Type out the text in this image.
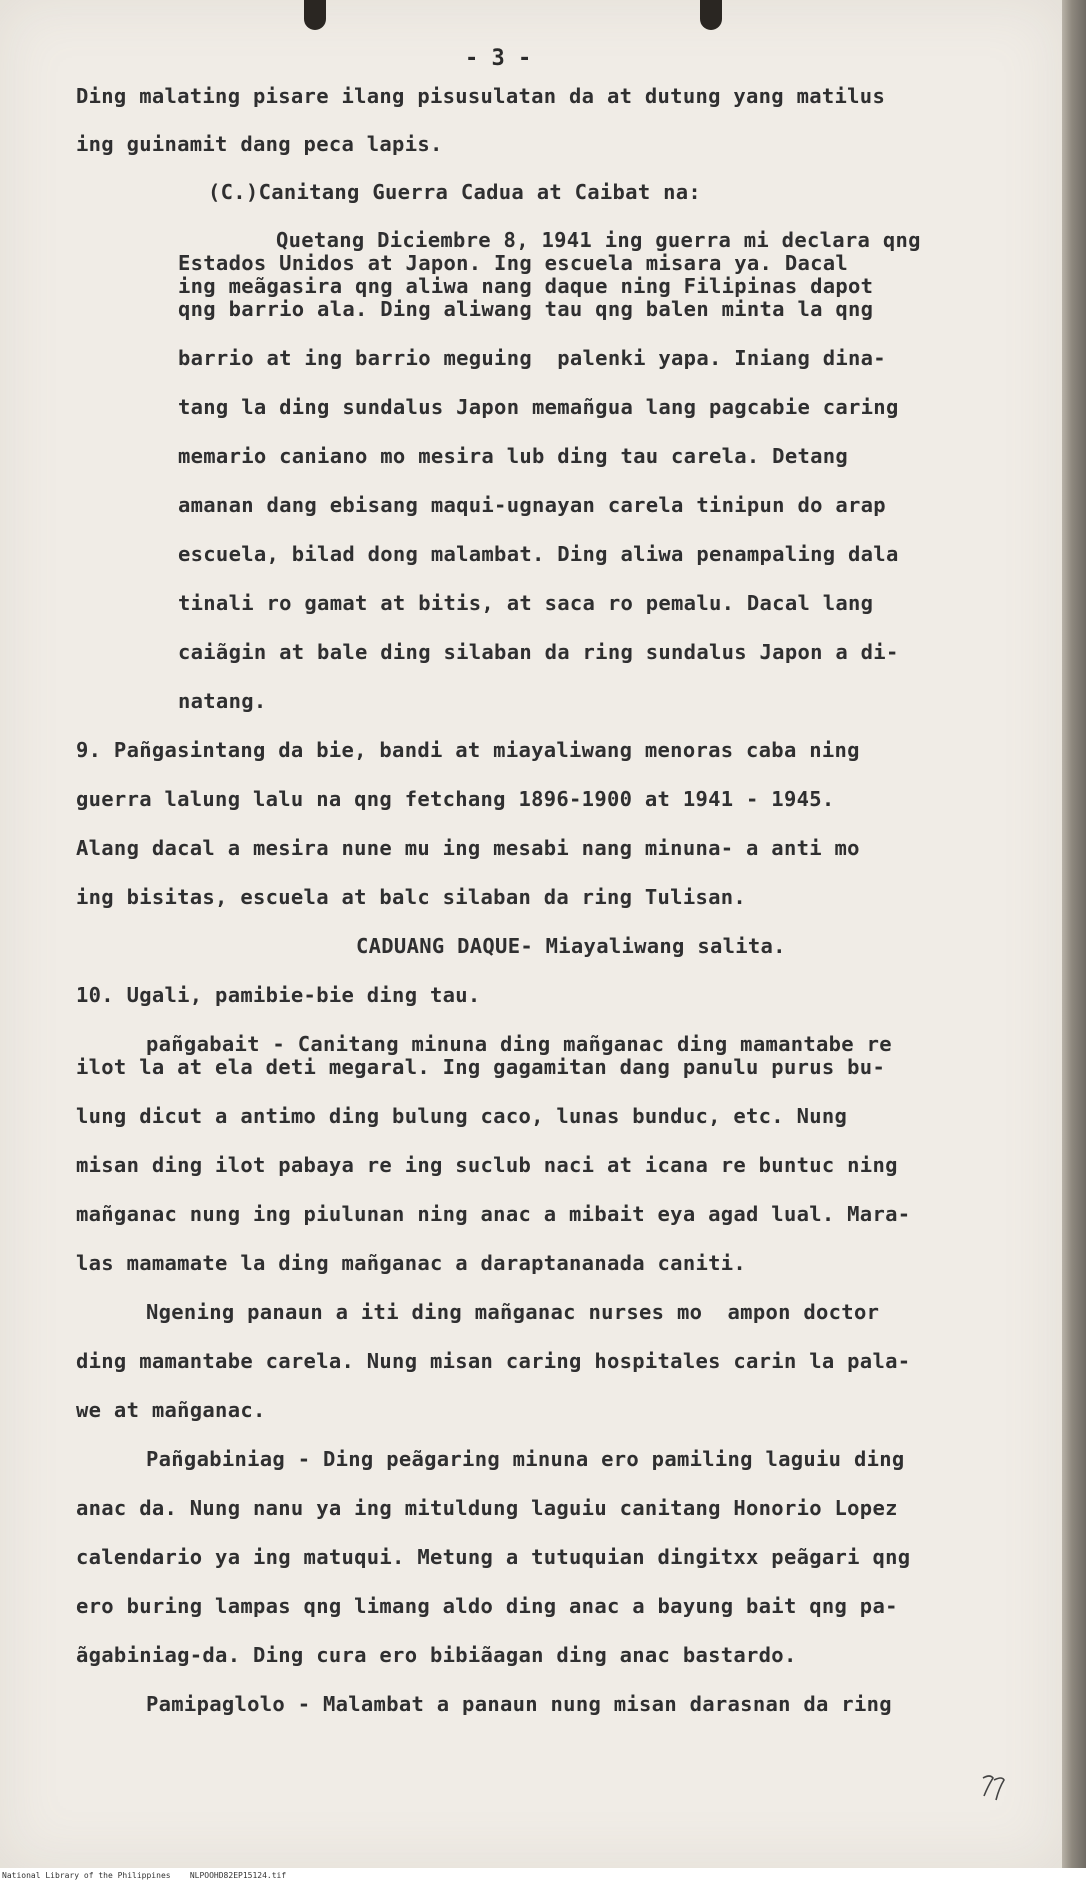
- 3 -
Ding malating pisare ilang pisusulatan da at dutung yang matilus
ing guinamit dang peca lapis.
(C.)Canitang Guerra Cadua at Caibat na:
Quetang Diciembre 8, 1941 ing guerra mi declara qng
Estados Unidos at Japon. Ing escuela misara ya. Dacal
ing meãgasira qng aliwa nang daque ning Filipinas dapot
qng barrio ala. Ding aliwang tau qng balen minta la qng
barrio at ing barrio meguing  palenki yapa. Iniang dina-
tang la ding sundalus Japon memañgua lang pagcabie caring
memario caniano mo mesira lub ding tau carela. Detang
amanan dang ebisang maqui-ugnayan carela tinipun do arap
escuela, bilad dong malambat. Ding aliwa penampaling dala
tinali ro gamat at bitis, at saca ro pemalu. Dacal lang
caiãgin at bale ding silaban da ring sundalus Japon a di-
natang.
9. Pañgasintang da bie, bandi at miayaliwang menoras caba ning
guerra lalung lalu na qng fetchang 1896-1900 at 1941 - 1945.
Alang dacal a mesira nune mu ing mesabi nang minuna- a anti mo
ing bisitas, escuela at balc silaban da ring Tulisan.
CADUANG DAQUE- Miayaliwang salita.
10. Ugali, pamibie-bie ding tau.
pañgabait - Canitang minuna ding mañganac ding mamantabe re
ilot la at ela deti megaral. Ing gagamitan dang panulu purus bu-
lung dicut a antimo ding bulung caco, lunas bunduc, etc. Nung
misan ding ilot pabaya re ing suclub naci at icana re buntuc ning
mañganac nung ing piulunan ning anac a mibait eya agad lual. Mara-
las mamamate la ding mañganac a daraptananada caniti.
Ngening panaun a iti ding mañganac nurses mo  ampon doctor
ding mamantabe carela. Nung misan caring hospitales carin la pala-
we at mañganac.
Pañgabiniag - Ding peãgaring minuna ero pamiling laguiu ding
anac da. Nung nanu ya ing mituldung laguiu canitang Honorio Lopez
calendario ya ing matuqui. Metung a tutuquian dingitxx peãgari qng
ero buring lampas qng limang aldo ding anac a bayung bait qng pa-
ãgabiniag-da. Ding cura ero bibiãagan ding anac bastardo.
Pamipaglolo - Malambat a panaun nung misan darasnan da ring
National Library of the Philippines    NLPOOHD82EP15124.tif
